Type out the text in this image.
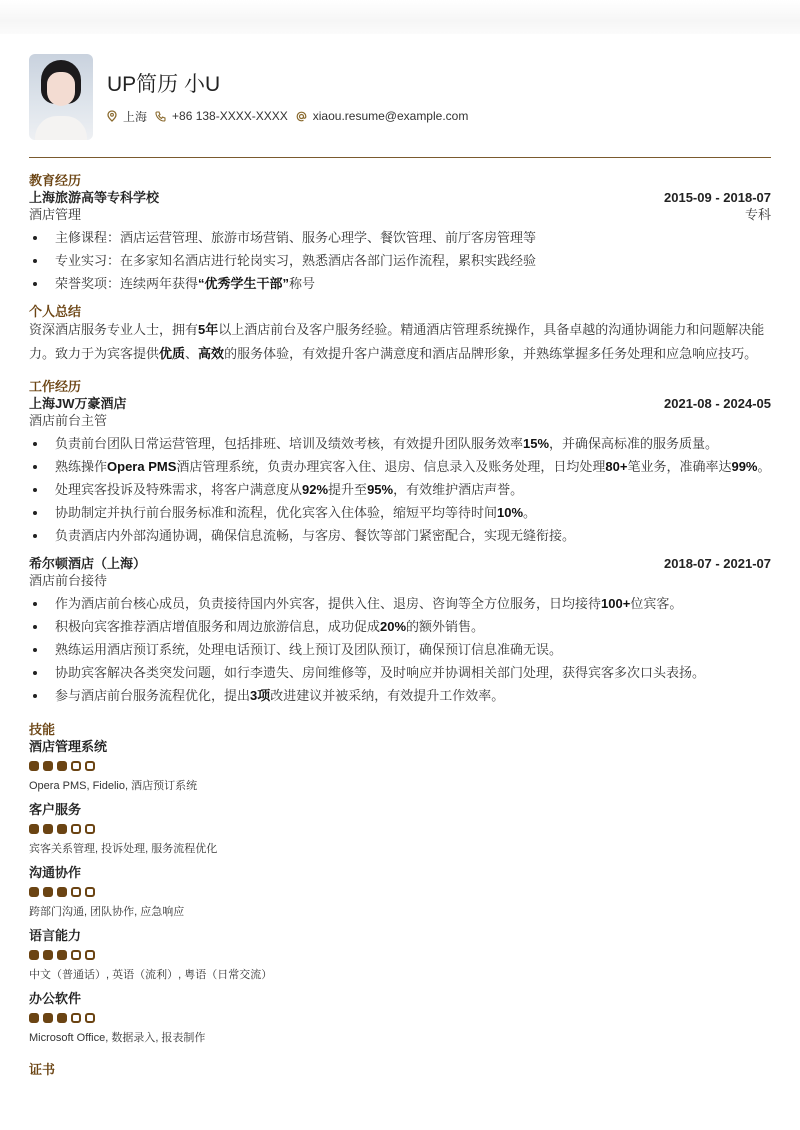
UP简历 小U
上海 +86 138-XXXX-XXXX xiaou.resume@example.com
教育经历
上海旅游高等专科学校	2015-09 - 2018-07
酒店管理	专科
主修课程：酒店运营管理、旅游市场营销、服务心理学、餐饮管理、前厅客房管理等
专业实习：在多家知名酒店进行轮岗实习，熟悉酒店各部门运作流程，累积实践经验
荣誉奖项：连续两年获得“优秀学生干部”称号
个人总结
资深酒店服务专业人士，拥有5年以上酒店前台及客户服务经验。精通酒店管理系统操作，具备卓越的沟通协调能力和问题解决能力。致力于为宾客提供优质、高效的服务体验，有效提升客户满意度和酒店品牌形象，并熟练掌握多任务处理和应急响应技巧。
工作经历
上海JW万豪酒店	2021-08 - 2024-05
酒店前台主管
负责前台团队日常运营管理，包括排班、培训及绩效考核，有效提升团队服务效率15%，并确保高标准的服务质量。
熟练操作Opera PMS酒店管理系统，负责办理宾客入住、退房、信息录入及账务处理，日均处理80+笔业务，准确率达99%。
处理宾客投诉及特殊需求，将客户满意度从92%提升至95%，有效维护酒店声誉。
协助制定并执行前台服务标准和流程，优化宾客入住体验，缩短平均等待时间10%。
负责酒店内外部沟通协调，确保信息流畅，与客房、餐饮等部门紧密配合，实现无缝衔接。
希尔顿酒店（上海）	2018-07 - 2021-07
酒店前台接待
作为酒店前台核心成员，负责接待国内外宾客，提供入住、退房、咨询等全方位服务，日均接待100+位宾客。
积极向宾客推荐酒店增值服务和周边旅游信息，成功促成20%的额外销售。
熟练运用酒店预订系统，处理电话预订、线上预订及团队预订，确保预订信息准确无误。
协助宾客解决各类突发问题，如行李遗失、房间维修等，及时响应并协调相关部门处理，获得宾客多次口头表扬。
参与酒店前台服务流程优化，提出3项改进建议并被采纳，有效提升工作效率。
技能
酒店管理系统
Opera PMS, Fidelio, 酒店预订系统
客户服务
宾客关系管理, 投诉处理, 服务流程优化
沟通协作
跨部门沟通, 团队协作, 应急响应
语言能力
中文（普通话）, 英语（流利）, 粤语（日常交流）
办公软件
Microsoft Office, 数据录入, 报表制作
证书
